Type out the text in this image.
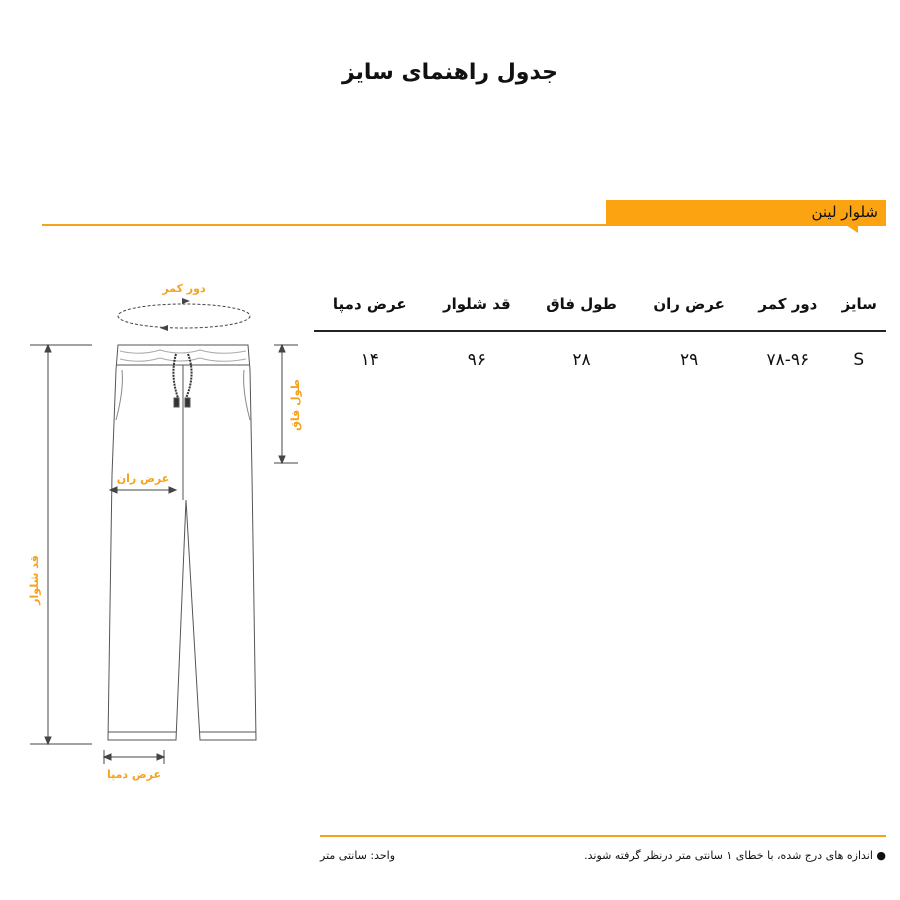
جدول راهنمای سایز
شلوار لینن
سایز	دور کمر	عرض ران	طول فاق	قد شلوار	عرض دمپا
S	۷۸-۹۶	۲۹	۲۸	۹۶	۱۴
دور کمر
طول فاق
عرض ران
قد شلوار
عرض دمپا
● اندازه های درج شده، با خطای ۱ سانتی متر درنظر گرفته شوند.
واحد: سانتی متر
